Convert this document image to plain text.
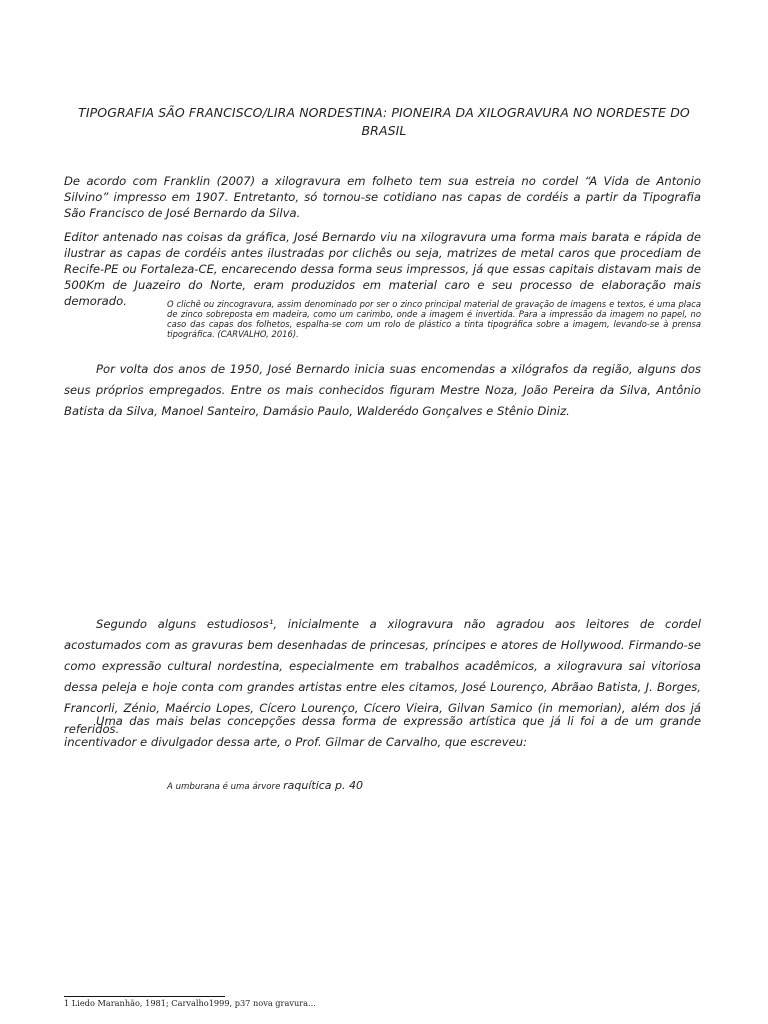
TIPOGRAFIA SÃO FRANCISCO/LIRA NORDESTINA: PIONEIRA DA XILOGRAVURA NO NORDESTE DO BRASIL

De acordo com Franklin (2007) a xilogravura em folheto tem sua estreia no cordel “A Vida de Antonio Silvino” impresso em 1907. Entretanto, só tornou-se cotidiano nas capas de cordéis a partir da Tipografia São Francisco de José Bernardo da Silva.

Editor antenado nas coisas da gráfica, José Bernardo viu na xilogravura uma forma mais barata e rápida de ilustrar as capas de cordéis antes ilustradas por clichês ou seja, matrizes de metal caros que procediam de Recife-PE ou Fortaleza-CE, encarecendo dessa forma seus impressos, já que essas capitais distavam mais de 500Km de Juazeiro do Norte, eram produzidos em material caro e seu processo de elaboração mais demorado.	O clichê ou zincogravura, assim denominado por ser o zinco principal material de gravação de imagens e textos, é uma placa de zinco sobreposta em madeira, como um carimbo, onde a imagem é invertida. Para a impressão da imagem no papel, no caso das capas dos folhetos, espalha-se com um rolo de plástico a tinta tipográfica sobre a imagem, levando-se à prensa tipográfica. (CARVALHO, 2016).

Por volta dos anos de 1950, José Bernardo inicia suas encomendas a xilógrafos da região, alguns dos seus próprios empregados. Entre os mais conhecidos figuram Mestre Noza, João Pereira da Silva, Antônio Batista da Silva, Manoel Santeiro, Damásio Paulo, Walderédo Gonçalves e Stênio Diniz.

Segundo alguns estudiosos¹, inicialmente a xilogravura não agradou aos leitores de cordel acostumados com as gravuras bem desenhadas de princesas, príncipes e atores de Hollywood. Firmando-se como expressão cultural nordestina, especialmente em trabalhos acadêmicos, a xilogravura sai vitoriosa dessa peleja e hoje conta com grandes artistas entre eles citamos, José Lourenço, Abrãao Batista, J. Borges, Francorli, Zénio, Maércio Lopes, Cícero Lourenço, Cícero Vieira, Gilvan Samico (in memorian), além dos já referidos.

Uma das mais belas concepções dessa forma de expressão artística que já li foi a de um grande incentivador e divulgador dessa arte, o Prof. Gilmar de Carvalho, que escreveu:

A umburana é uma árvore raquítica p. 40
1 Liedo Maranhão, 1981; Carvalho1999, p37 nova gravura...
